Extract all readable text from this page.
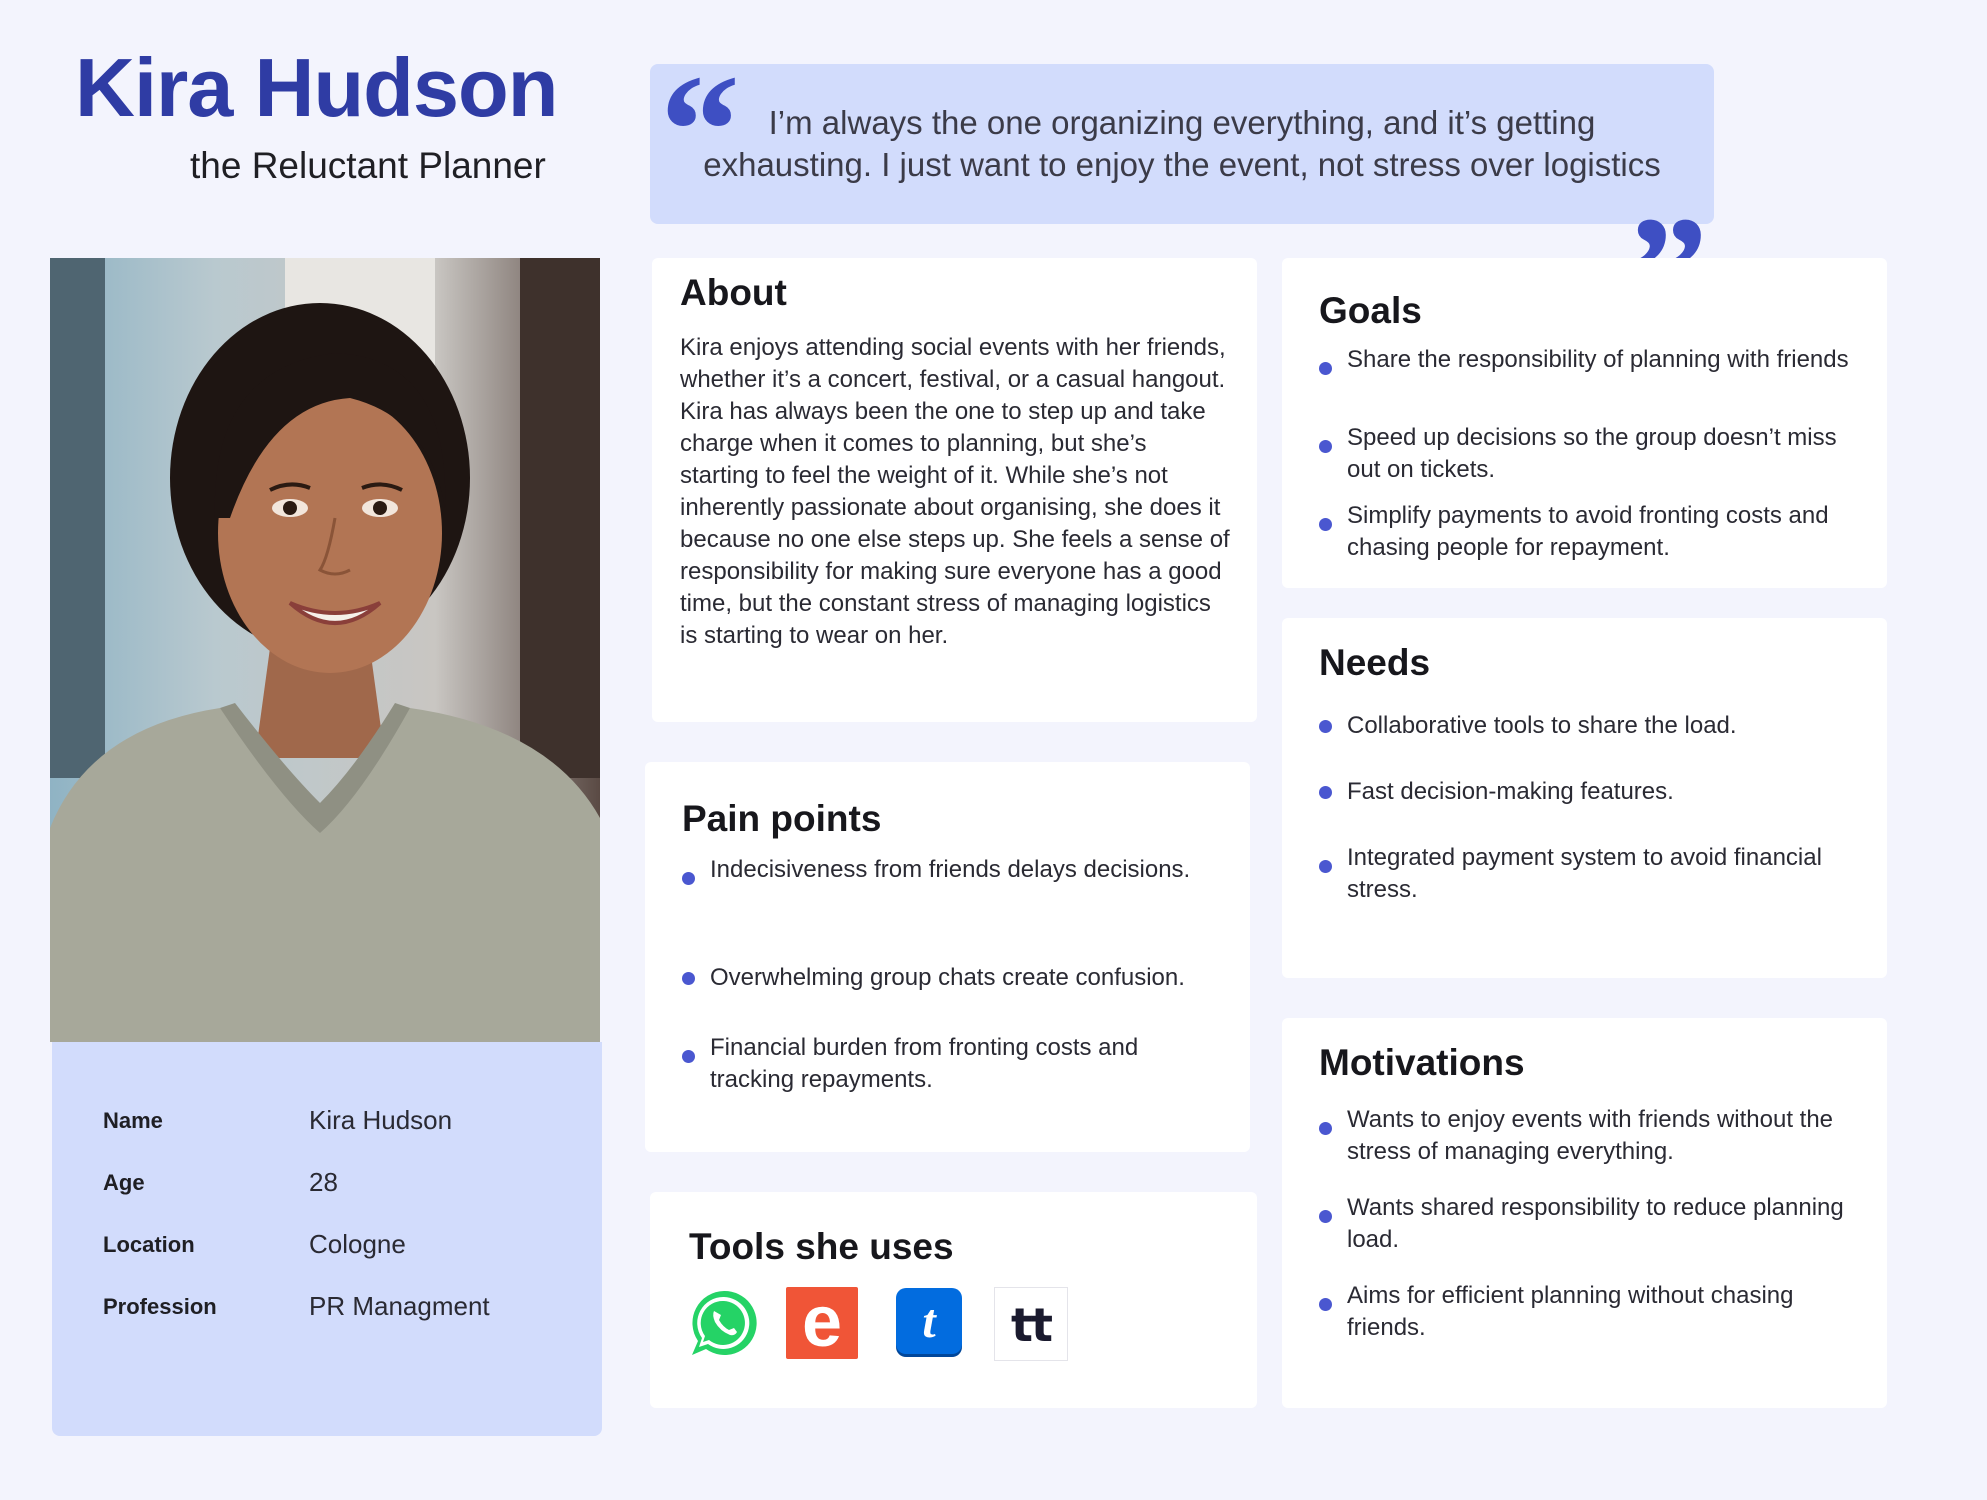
Kira Hudson
the Reluctant Planner “ I’m always the one organizing everything, and it’s getting exhausting. I just want to enjoy the event, not stress over logistics
Name	Kira Hudson
Age	28
Location	Cologne
Profession	PR Managment
About

Kira enjoys attending social events with her friends, whether it’s a concert, festival, or a casual hangout. Kira has always been the one to step up and take charge when it comes to planning, but she’s starting to feel the weight of it. While she’s not inherently passionate about organising, she does it because no one else steps up. She feels a sense of responsibility for making sure everyone has a good time, but the constant stress of managing logistics is starting to wear on her.

Pain points
Indecisiveness from friends delays decisions.
Overwhelming group chats create confusion.
Financial burden from fronting costs and tracking repayments.
Tools she uses
e	t	tt
Goals
Share the responsibility of planning with friends
Speed up decisions so the group doesn’t miss out on tickets.
Simplify payments to avoid fronting costs and chasing people for repayment.
Needs
Collaborative tools to share the load.
Fast decision-making features.
Integrated payment system to avoid financial stress.
Motivations
Wants to enjoy events with friends without the stress of managing everything.
Wants shared responsibility to reduce planning load.
Aims for efficient planning without chasing friends.
